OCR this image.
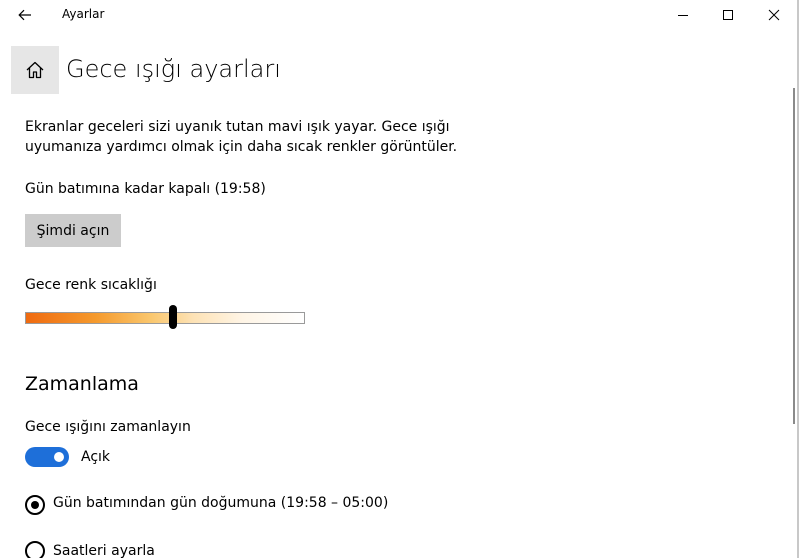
Ayarlar
Gece ışığı ayarları
Ekranlar geceleri sizi uyanık tutan mavi ışık yayar. Gece ışığı uyumanıza yardımcı olmak için daha sıcak renkler görüntüler.
Gün batımına kadar kapalı (19:58)
Şimdi açın
Gece renk sıcaklığı
Zamanlama
Gece ışığını zamanlayın
Açık
Gün batımından gün doğumuna (19:58 – 05:00)
Saatleri ayarla
